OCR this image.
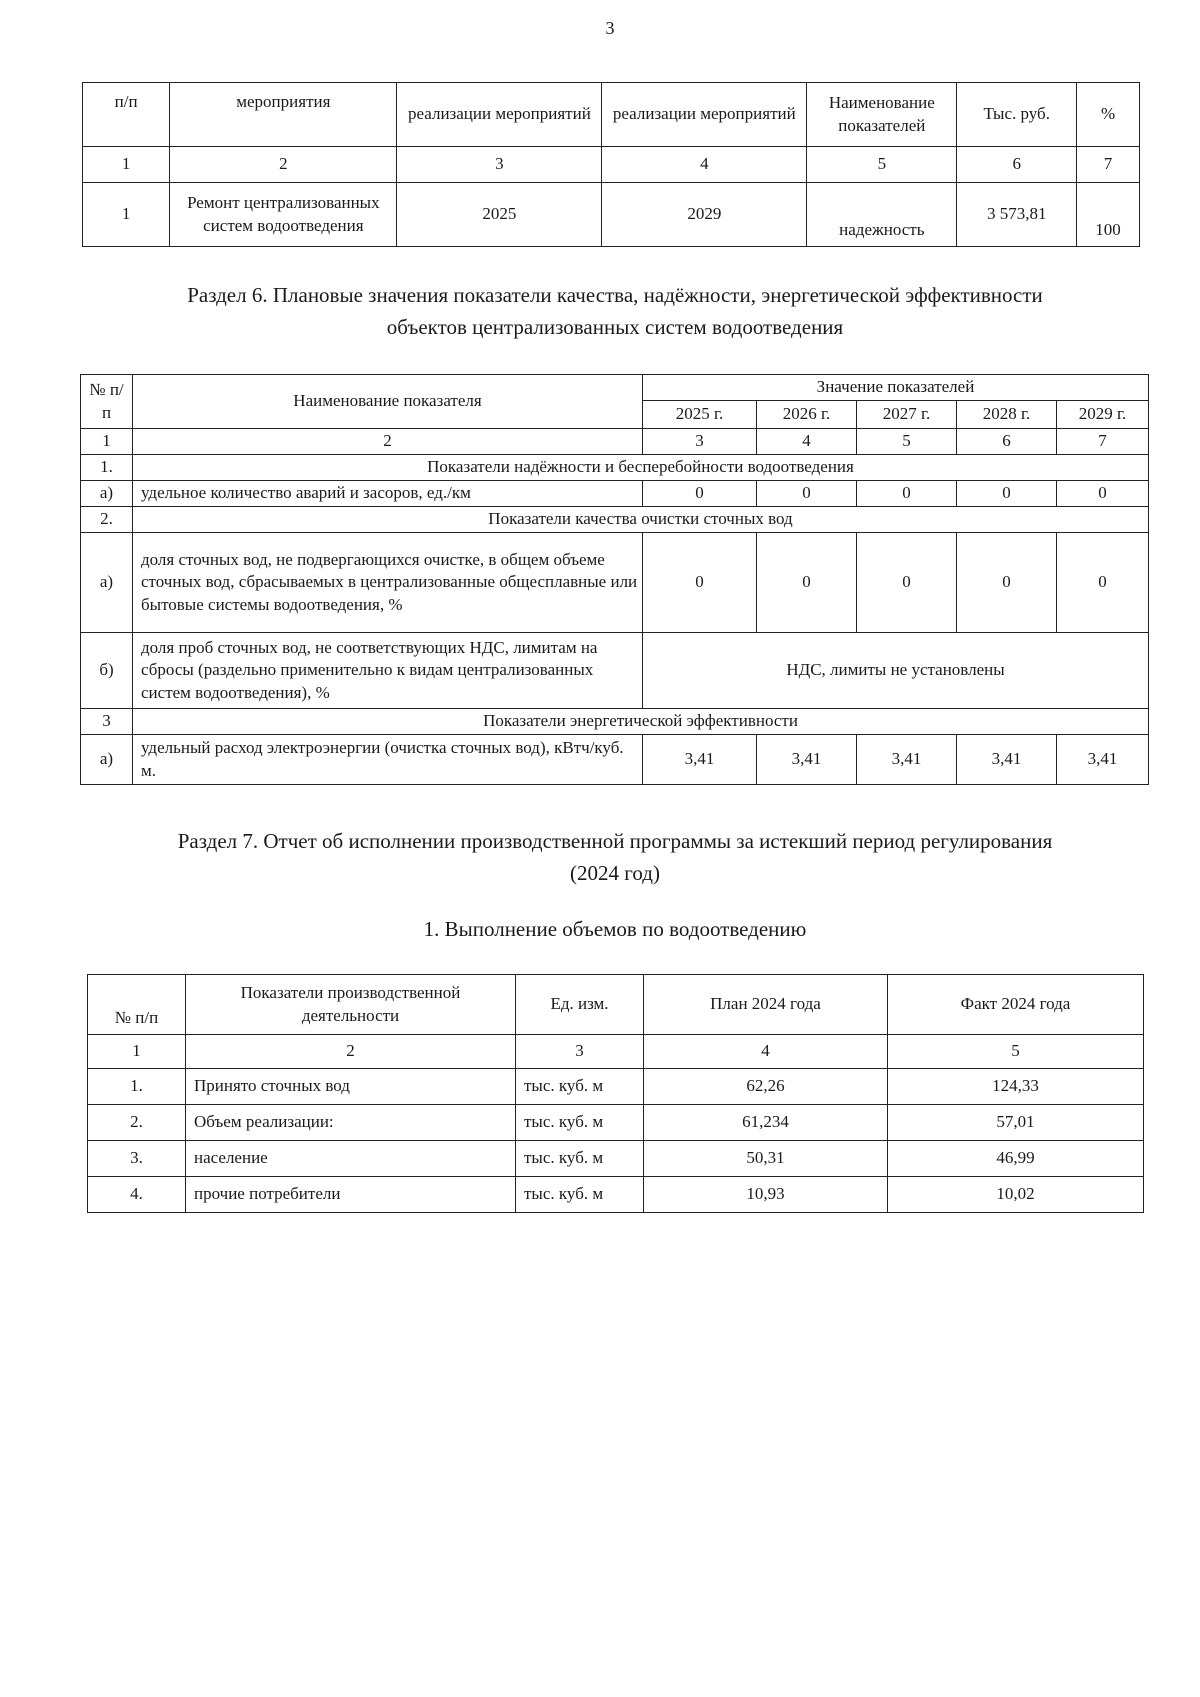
3
п/п	мероприятия	реализации мероприятий	реализации мероприятий	Наименование показателей	Тыс. руб.	%
1	2	3	4	5	6	7
1	Ремонт централизованных систем водоотведения	2025	2029	надежность	3 573,81	100
Раздел 6. Плановые значения показатели качества, надёжности, энергетической эффективности
объектов централизованных систем водоотведения
№ п/п	Наименование показателя	Значение показателей				
		2025 г.	2026 г.	2027 г.	2028 г.	2029 г.
1	2	3	4	5	6	7
1.	Показатели надёжности и бесперебойности водоотведения					
а)	удельное количество аварий и засоров, ед./км	0	0	0	0	0
2.	Показатели качества очистки сточных вод					
а)	доля сточных вод, не подвергающихся очистке, в общем объеме сточных вод, сбрасываемых в централизованные общесплавные или бытовые системы водоотведения, %	0	0	0	0	0
б)	доля проб сточных вод, не соответствующих НДС, лимитам на сбросы (раздельно применительно к видам централизованных систем водоотведения), %	НДС, лимиты не установлены				
3	Показатели энергетической эффективности					
а)	удельный расход электроэнергии (очистка сточных вод), кВтч/куб. м.	3,41	3,41	3,41	3,41	3,41
Раздел 7. Отчет об исполнении производственной программы за истекший период регулирования
(2024 год)
1. Выполнение объемов по водоотведению
№ п/п	Показатели производственной деятельности	Ед. изм.	План 2024 года	Факт 2024 года
1	2	3	4	5
1.	Принято сточных вод	тыс. куб. м	62,26	124,33
2.	Объем реализации:	тыс. куб. м	61,234	57,01
3.	население	тыс. куб. м	50,31	46,99
4.	прочие потребители	тыс. куб. м	10,93	10,02
